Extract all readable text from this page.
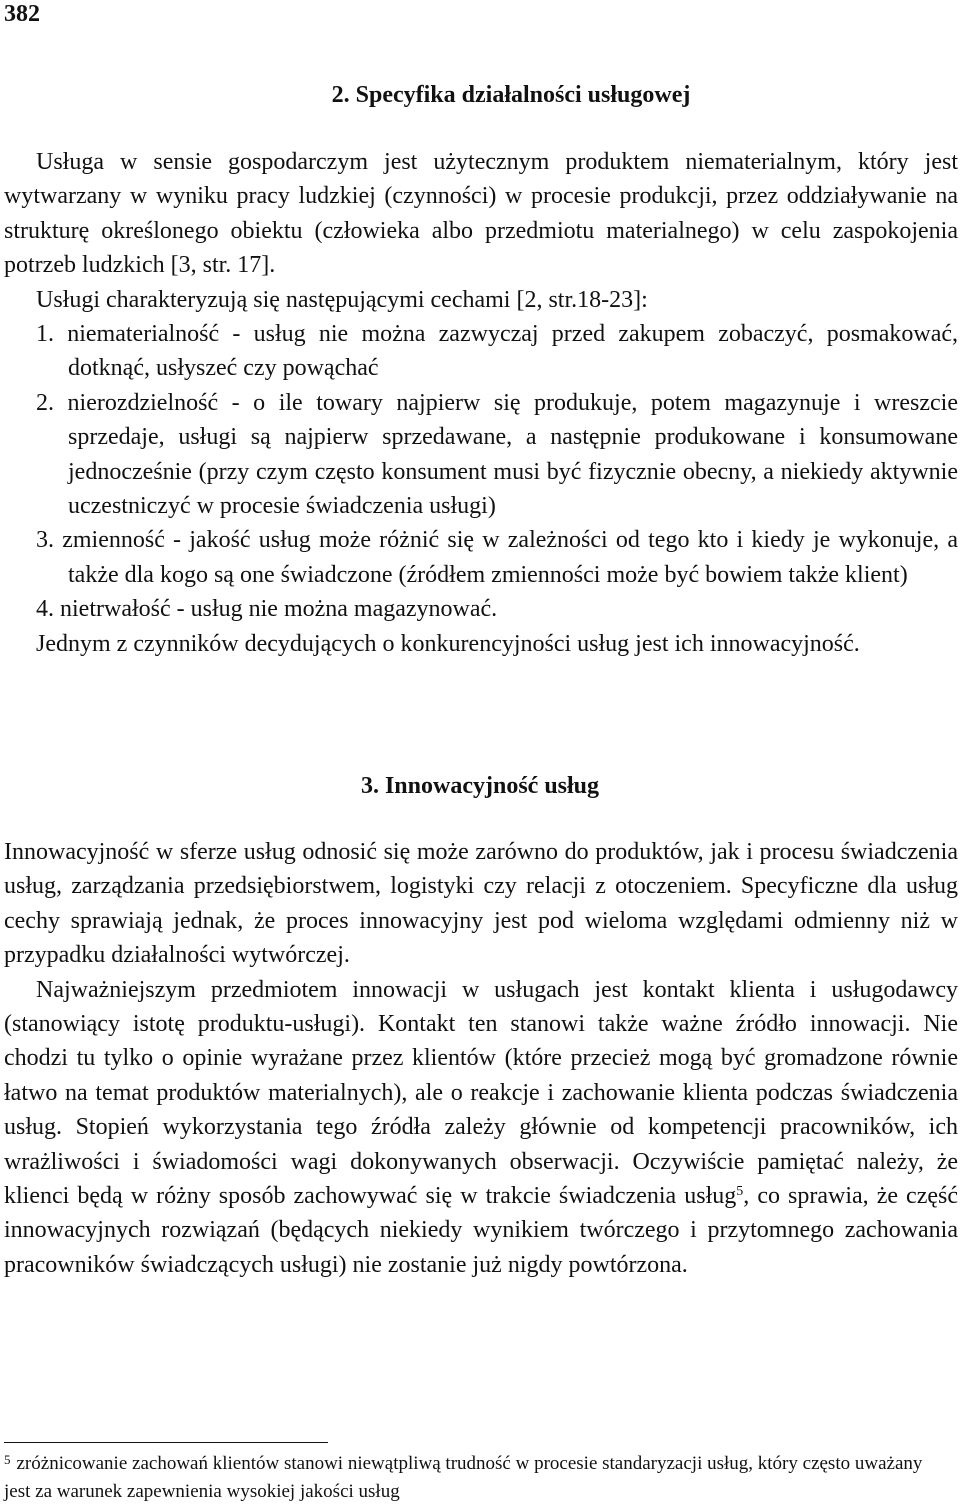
382
2. Specyfika działalności usługowej
Usługa w sensie gospodarczym jest użytecznym produktem niematerialnym, który jest wytwarzany w wyniku pracy ludzkiej (czynności) w procesie produkcji, przez oddziaływanie na strukturę określonego obiektu (człowieka albo przedmiotu materialnego) w celu zaspokojenia potrzeb ludzkich [3, str. 17].
Usługi charakteryzują się następującymi cechami [2, str.18-23]:
1. niematerialność - usług nie można zazwyczaj przed zakupem zobaczyć, posmakować, dotknąć, usłyszeć czy powąchać
2. nierozdzielność - o ile towary najpierw się produkuje, potem magazynuje i wreszcie sprzedaje, usługi są najpierw sprzedawane, a następnie produkowane i konsumowane jednocześnie (przy czym często konsument musi być fizycznie obecny, a niekiedy aktywnie uczestniczyć w procesie świadczenia usługi)
3. zmienność - jakość usług może różnić się w zależności od tego kto i kiedy je wykonuje, a także dla kogo są one świadczone (źródłem zmienności może być bowiem także klient)
4. nietrwałość - usług nie można magazynować.
Jednym z czynników decydujących o konkurencyjności usług jest ich innowacyjność.
3. Innowacyjność usług

Innowacyjność w sferze usług odnosić się może zarówno do produktów, jak i procesu świadczenia usług, zarządzania przedsiębiorstwem, logistyki czy relacji z otoczeniem. Specyficzne dla usług cechy sprawiają jednak, że proces innowacyjny jest pod wieloma względami odmienny niż w przypadku działalności wytwórczej.

Najważniejszym przedmiotem innowacji w usługach jest kontakt klienta i usługodawcy (stanowiący istotę produktu-usługi). Kontakt ten stanowi także ważne źródło innowacji. Nie chodzi tu tylko o opinie wyrażane przez klientów (które przecież mogą być gromadzone równie łatwo na temat produktów materialnych), ale o reakcje i zachowanie klienta podczas świadczenia usług. Stopień wykorzystania tego źródła zależy głównie od kompetencji pracowników, ich wrażliwości i świadomości wagi dokonywanych obserwacji. Oczywiście pamiętać należy, że klienci będą w różny sposób zachowywać się w trakcie świadczenia usług$^5$, co sprawia, że część innowacyjnych rozwiązań (będących niekiedy wynikiem twórczego i przytomnego zachowania pracowników świadczących usługi) nie zostanie już nigdy powtórzona.

$^5$ zróżnicowanie zachowań klientów stanowi niewątpliwą trudność w procesie standaryzacji usług, który często uważany jest za warunek zapewnienia wysokiej jakości usług
